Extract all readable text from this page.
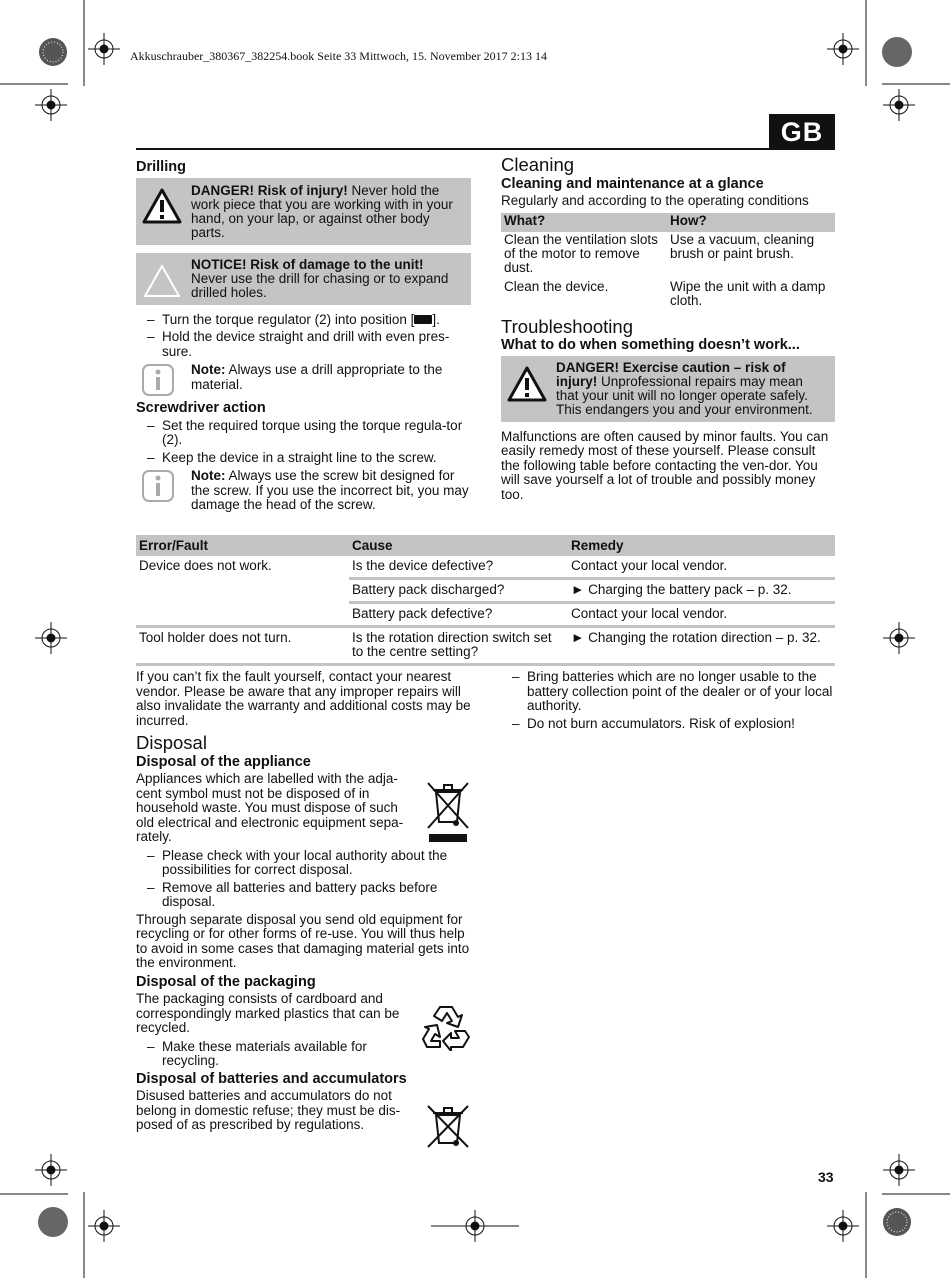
Akkuschrauber_380367_382254.book Seite 33 Mittwoch, 15. November 2017 2:13 14
GB
Drilling
DANGER! Risk of injury! Never hold the work piece that you are working with in your hand, on your lap, or against other body parts.
NOTICE! Risk of damage to the unit!
Never use the drill for chasing or to expand drilled holes.
– Turn the torque regulator (2) into position [ ].
– Hold the device straight and drill with even pres-sure.
Note: Always use a drill appropriate to the material.
Screwdriver action
– Set the required torque using the torque regula-tor (2).
– Keep the device in a straight line to the screw.
Note: Always use the screw bit designed for the screw. If you use the incorrect bit, you may damage the head of the screw.
Cleaning
Cleaning and maintenance at a glance

Regularly and according to the operating conditions

What?	How?
Clean the ventilation slots of the motor to remove dust.	Use a vacuum, cleaning brush or paint brush.
Clean the device.	Wipe the unit with a damp cloth.
Troubleshooting
What to do when something doesn’t work...
DANGER! Exercise caution – risk of injury! Unprofessional repairs may mean that your unit will no longer operate safely. This endangers you and your environment.

Malfunctions are often caused by minor faults. You can easily remedy most of these yourself. Please consult the following table before contacting the ven-dor. You will save yourself a lot of trouble and possibly money too.

Error/Fault	Cause	Remedy
Device does not work.	Is the device defective?	Contact your local vendor.
	Battery pack discharged?	► Charging the battery pack – p. 32.
	Battery pack defective?	Contact your local vendor.
Tool holder does not turn.	Is the rotation direction switch set to the centre setting?	► Changing the rotation direction – p. 32.

If you can’t fix the fault yourself, contact your nearest vendor. Please be aware that any improper repairs will also invalidate the warranty and additional costs may be incurred.

Disposal
Disposal of the appliance

Appliances which are labelled with the adja-cent symbol must not be disposed of in household waste. You must dispose of such old electrical and electronic equipment sepa-rately.

– Please check with your local authority about the possibilities for correct disposal.
– Remove all batteries and battery packs before disposal.

Through separate disposal you send old equipment for recycling or for other forms of re-use. You will thus help to avoid in some cases that damaging material gets into the environment.

Disposal of the packaging

The packaging consists of cardboard and correspondingly marked plastics that can be recycled.

– Make these materials available for recycling.
Disposal of batteries and accumulators

Disused batteries and accumulators do not belong in domestic refuse; they must be dis-posed of as prescribed by regulations.

– Bring batteries which are no longer usable to the battery collection point of the dealer or of your local authority.
– Do not burn accumulators. Risk of explosion!
33
